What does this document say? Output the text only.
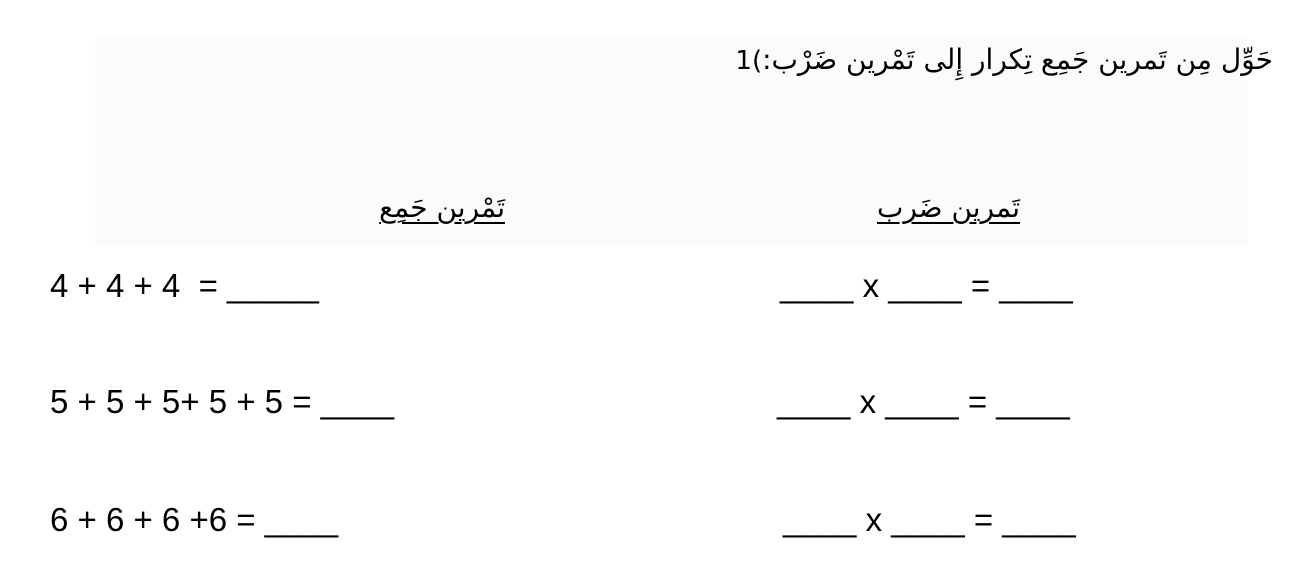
حَوِّل مِن تَمرين جَمِع تِكرار إِلى تَمْرين ضَرْب:)1
تَمْرين جَمِع	تَمرين ضَرب
4 + 4 + 4  = _____	____ x ____ = ____
5 + 5 + 5+ 5 + 5 = ____	____ x ____ = ____
6 + 6 + 6 +6 = ____	____ x ____ = ____
